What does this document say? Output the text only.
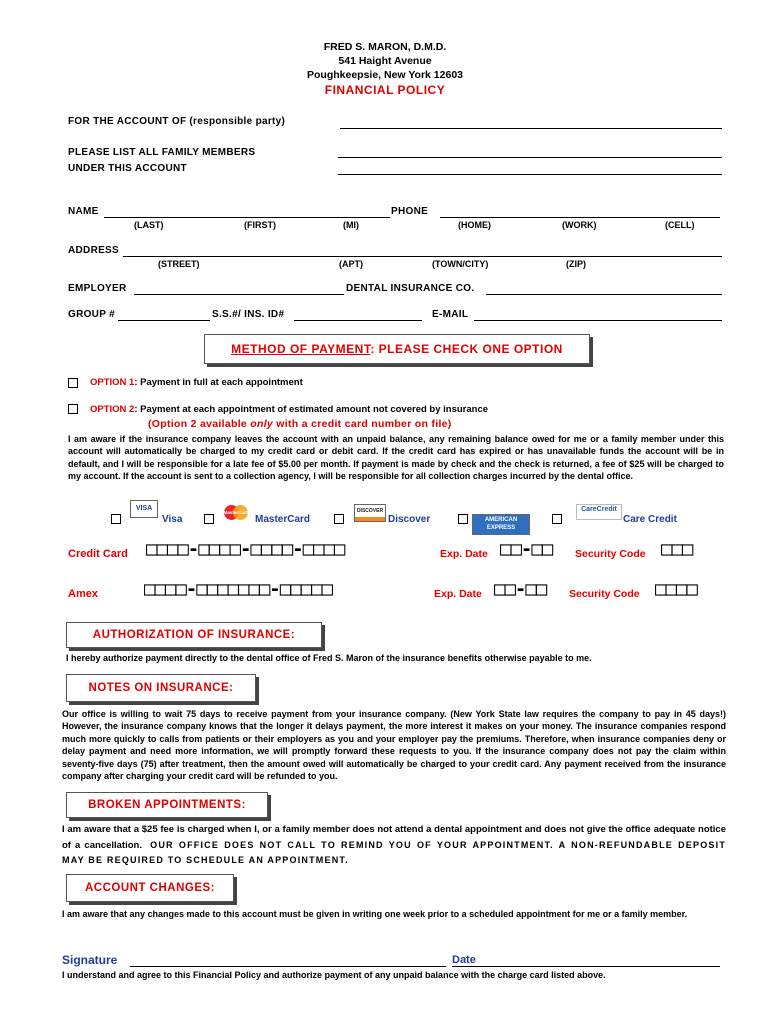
FRED S. MARON, D.M.D.
541 Haight Avenue
Poughkeepsie, New York 12603
FINANCIAL POLICY
FOR THE ACCOUNT OF (responsible party)
PLEASE LIST ALL FAMILY MEMBERS
UNDER THIS ACCOUNT
NAME	PHONE
(LAST)	(FIRST)	(MI)	(HOME)	(WORK)	(CELL)
ADDRESS
(STREET)	(APT)	(TOWN/CITY)	(ZIP)
EMPLOYER	DENTAL INSURANCE CO.
GROUP #	S.S.#/ INS. ID#	E-MAIL
METHOD OF PAYMENT: PLEASE CHECK ONE OPTION
OPTION 1: Payment in full at each appointment
OPTION 2: Payment at each appointment of estimated amount not covered by insurance
(Option 2 available only with a credit card number on file)
I am aware if the insurance company leaves the account with an unpaid balance, any remaining balance owed for me or a family member under this account will automatically be charged to my credit card or debit card. If the credit card has expired or has unavailable funds the account will be in default, and I will be responsible for a late fee of $5.00 per month. If payment is made by check and the check is returned, a fee of $25 will be charged to my account. If the account is sent to a collection agency, I will be responsible for all collection charges incurred by the dental office.
VISA
Visa
MasterCard
MasterCard
DISCOVER
Discover	AMERICAN
EXPRESS
CareCredit
Care Credit
Credit Card □□□□-□□□□-□□□□-□□□□	Exp. Date □□-□□ Security Code □□□
Amex □□□□-□□□□□□□-□□□□□	Exp. Date □□-□□ Security Code □□□□
AUTHORIZATION OF INSURANCE:
I hereby authorize payment directly to the dental office of Fred S. Maron of the insurance benefits otherwise payable to me.
NOTES ON INSURANCE:
Our office is willing to wait 75 days to receive payment from your insurance company. (New York State law requires the company to pay in 45 days!) However, the insurance company knows that the longer it delays payment, the more interest it makes on your money. The insurance companies respond much more quickly to calls from patients or their employers as you and your employer pay the premiums. Therefore, when insurance companies deny or delay payment and need more information, we will promptly forward these requests to you. If the insurance company does not pay the claim within seventy-five days (75) after treatment, then the amount owed will automatically be charged to your credit card. Any payment received from the insurance company after charging your credit card will be refunded to you.
BROKEN APPOINTMENTS:
I am aware that a $25 fee is charged when I, or a family member does not attend a dental appointment and does not give the office adequate notice of a cancellation. OUR OFFICE DOES NOT CALL TO REMIND YOU OF YOUR APPOINTMENT. A NON-REFUNDABLE DEPOSIT MAY BE REQUIRED TO SCHEDULE AN APPOINTMENT.
ACCOUNT CHANGES:
I am aware that any changes made to this account must be given in writing one week prior to a scheduled appointment for me or a family member.
Signature	Date
I understand and agree to this Financial Policy and authorize payment of any unpaid balance with the charge card listed above.
